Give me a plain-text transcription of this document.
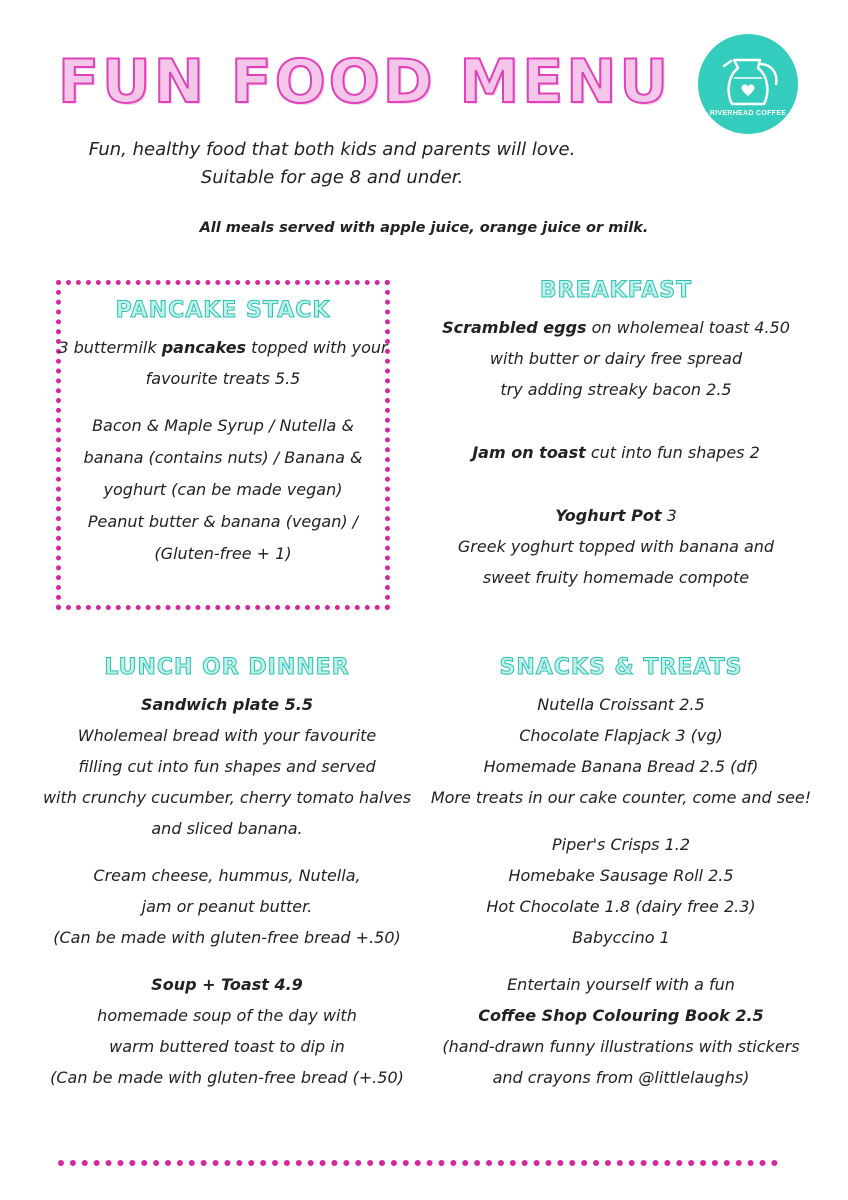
FUN FOOD MENU	RIVERHEAD COFFEE

Fun, healthy food that both kids and parents will love.

Suitable for age 8 and under.

All meals served with apple juice, orange juice or milk.

PANCAKE STACK

3 buttermilk pancakes topped with your

favourite treats 5.5

Bacon & Maple Syrup / Nutella &

banana (contains nuts) / Banana &

yoghurt (can be made vegan)

Peanut butter & banana (vegan) /

(Gluten-free + 1)

BREAKFAST

Scrambled eggs on wholemeal toast 4.50

with butter or dairy free spread

try adding streaky bacon 2.5

Jam on toast cut into fun shapes 2

Yoghurt Pot 3

Greek yoghurt topped with banana and

sweet fruity homemade compote

LUNCH OR DINNER

Sandwich plate 5.5

Wholemeal bread with your favourite

filling cut into fun shapes and served

with crunchy cucumber, cherry tomato halves

and sliced banana.

Cream cheese, hummus, Nutella,

jam or peanut butter.

(Can be made with gluten-free bread +.50)

Soup + Toast 4.9

homemade soup of the day with

warm buttered toast to dip in

(Can be made with gluten-free bread (+.50)

SNACKS & TREATS

Nutella Croissant 2.5

Chocolate Flapjack 3 (vg)

Homemade Banana Bread 2.5 (df)

More treats in our cake counter, come and see!

Piper's Crisps 1.2

Homebake Sausage Roll 2.5

Hot Chocolate 1.8 (dairy free 2.3)

Babyccino 1

Entertain yourself with a fun

Coffee Shop Colouring Book 2.5

(hand-drawn funny illustrations with stickers

and crayons from @littlelaughs)
